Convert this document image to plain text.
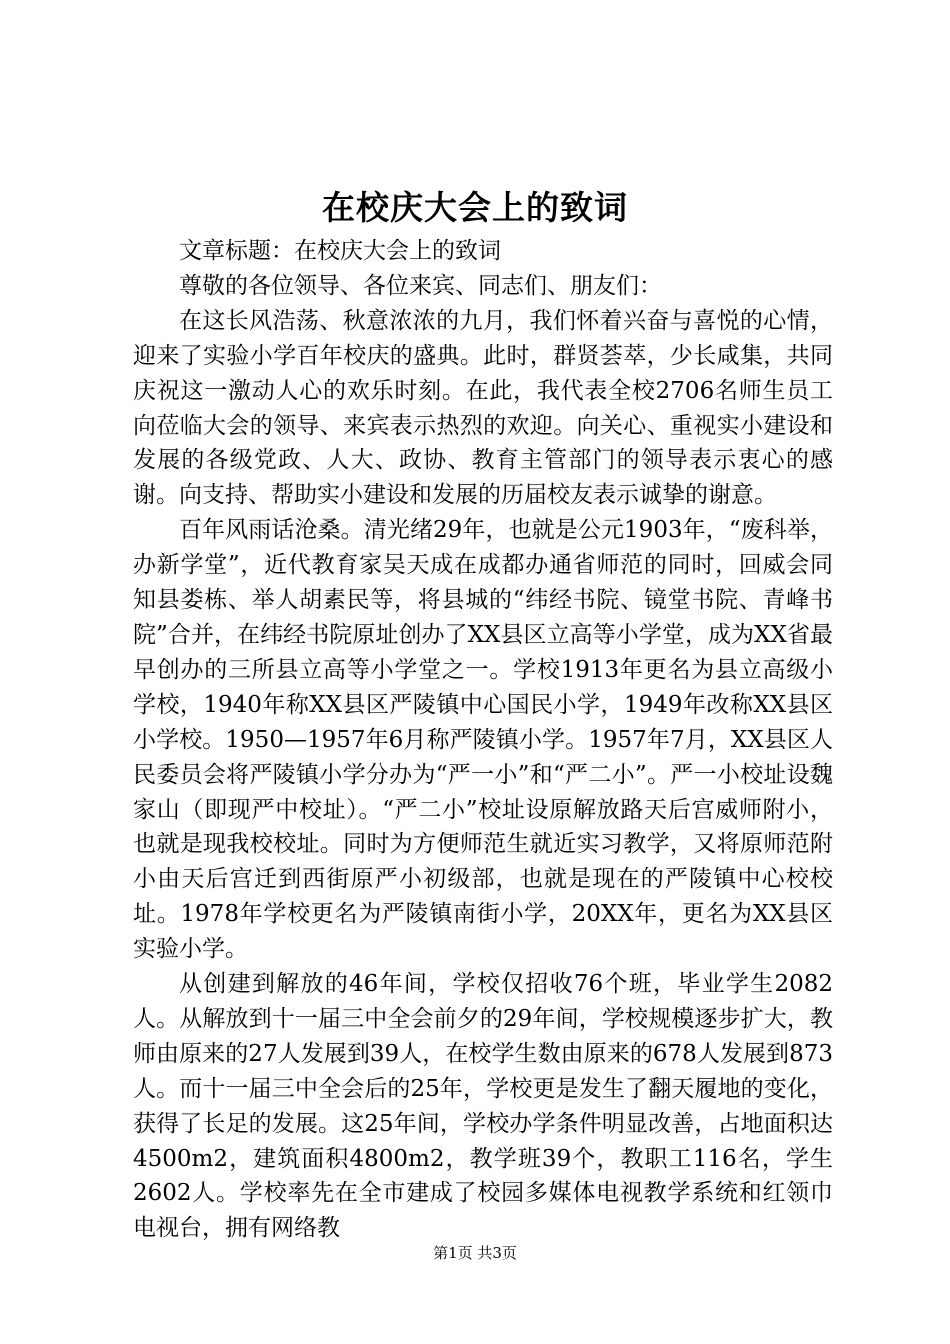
在校庆大会上的致词

文章标题：在校庆大会上的致词

尊敬的各位领导、各位来宾、同志们、朋友们：

在这长风浩荡、秋意浓浓的九月，我们怀着兴奋与喜悦的心情，迎来了实验小学百年校庆的盛典。此时，群贤荟萃，少长咸集，共同庆祝这一激动人心的欢乐时刻。在此，我代表全校2706名师生员工向莅临大会的领导、来宾表示热烈的欢迎。向关心、重视实小建设和发展的各级党政、人大、政协、教育主管部门的领导表示衷心的感谢。向支持、帮助实小建设和发展的历届校友表示诚挚的谢意。

百年风雨话沧桑。清光绪29年，也就是公元1903年，“废科举，办新学堂”，近代教育家吴天成在成都办通省师范的同时，回威会同知县娄栋、举人胡素民等，将县城的“纬经书院、镜堂书院、青峰书院”合并，在纬经书院原址创办了XX县区立高等小学堂，成为XX省最早创办的三所县立高等小学堂之一。学校1913年更名为县立高级小学校，1940年称XX县区严陵镇中心国民小学，1949年改称XX县区小学校。1950—1957年6月称严陵镇小学。1957年7月，XX县区人民委员会将严陵镇小学分办为“严一小”和“严二小”。严一小校址设魏家山（即现严中校址）。“严二小”校址设原解放路天后宫威师附小，也就是现我校校址。同时为方便师范生就近实习教学，又将原师范附小由天后宫迁到西街原严小初级部，也就是现在的严陵镇中心校校址。1978年学校更名为严陵镇南街小学，20XX年，更名为XX县区实验小学。

从创建到解放的46年间，学校仅招收76个班，毕业学生2082人。从解放到十一届三中全会前夕的29年间，学校规模逐步扩大，教师由原来的27人发展到39人，在校学生数由原来的678人发展到873人。而十一届三中全会后的25年，学校更是发生了翻天履地的变化，获得了长足的发展。这25年间，学校办学条件明显改善，占地面积达4500m2，建筑面积4800m2，教学班39个，教职工116名，学生2602人。学校率先在全市建成了校园多媒体电视教学系统和红领巾电视台，拥有网络教

第1页 共3页
